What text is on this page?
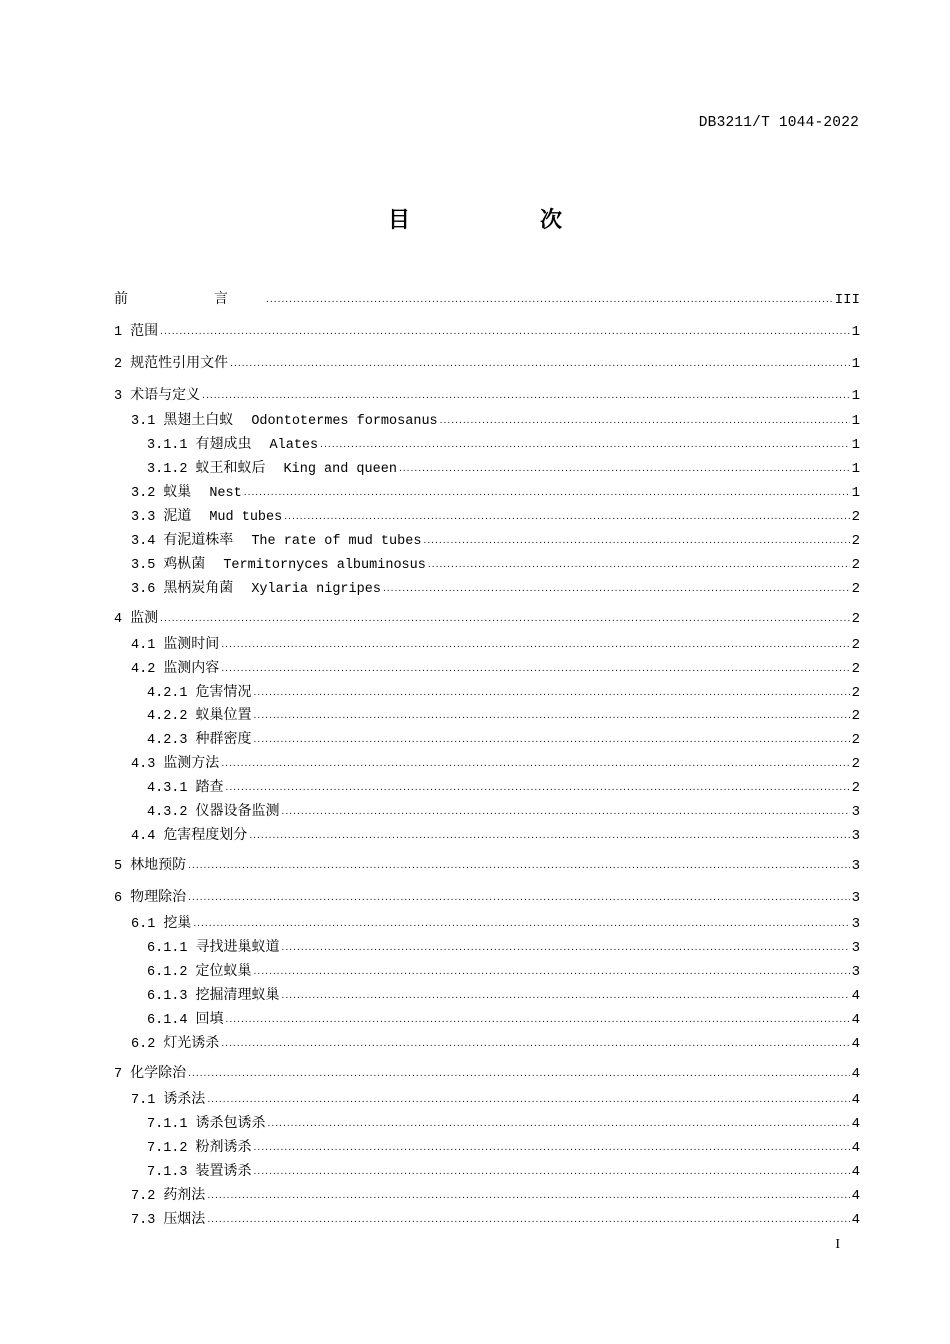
DB3211/T 1044-2022
目　次
前　言 .....	III
1 范围 .....	1
2 规范性引用文件 .....	1
3 术语与定义 .....	1
3.1 黑翅土白蚁 Odontotermes formosanus .....	1
3.1.1 有翅成虫 Alates .....	1
3.1.2 蚁王和蚁后 King and queen .....	1
3.2 蚁巢 Nest .....	1
3.3 泥道 Mud tubes .....	2
3.4 有泥道株率 The rate of mud tubes .....	2
3.5 鸡枞菌 Termitornyces albuminosus .....	2
3.6 黑柄炭角菌 Xylaria nigripes .....	2
4 监测 .....	2
4.1 监测时间 .....	2
4.2 监测内容 .....	2
4.2.1 危害情况 .....	2
4.2.2 蚁巢位置 .....	2
4.2.3 种群密度 .....	2
4.3 监测方法 .....	2
4.3.1 踏查 .....	2
4.3.2 仪器设备监测 .....	3
4.4 危害程度划分 .....	3
5 林地预防 .....	3
6 物理除治 .....	3
6.1 挖巢 .....	3
6.1.1 寻找进巢蚁道 .....	3
6.1.2 定位蚁巢 .....	3
6.1.3 挖掘清理蚁巢 .....	4
6.1.4 回填 .....	4
6.2 灯光诱杀 .....	4
7 化学除治 .....	4
7.1 诱杀法 .....	4
7.1.1 诱杀包诱杀 .....	4
7.1.2 粉剂诱杀 .....	4
7.1.3 装置诱杀 .....	4
7.2 药剂法 .....	4
7.3 压烟法 .....	4
I
